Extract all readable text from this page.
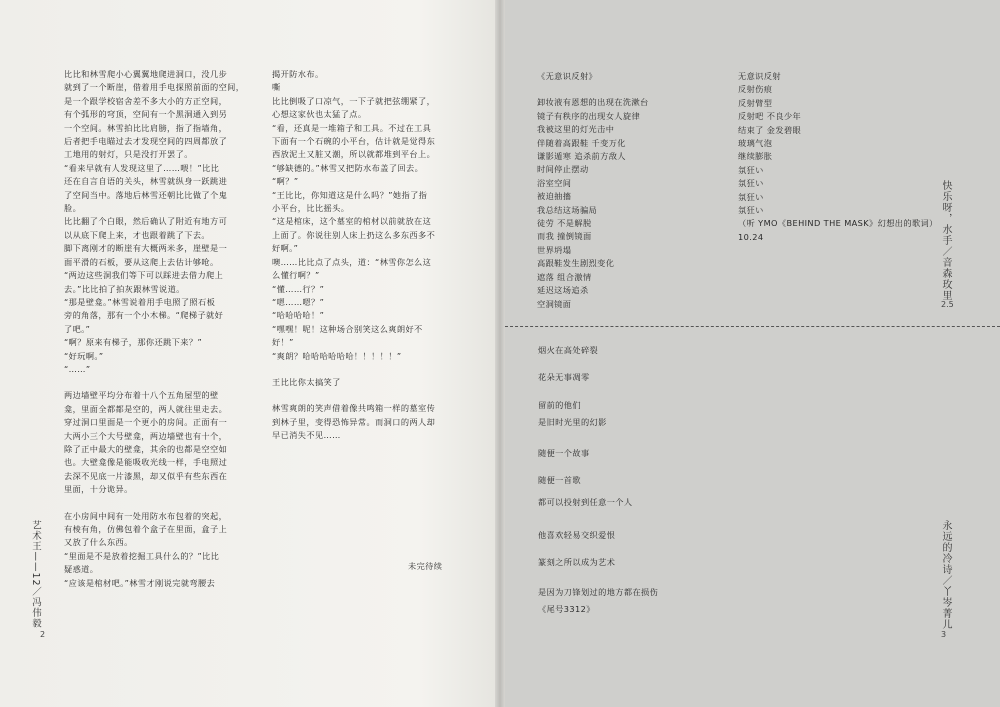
比比和林雪爬小心翼翼地爬进洞口，没几步

就到了一个断崖，借着用手电探照前面的空间，

是一个跟学校宿舍差不多大小的方正空间，

有个弧形的穹顶，空间有一个黑洞通入到另

一个空间。林雪拍比比肩膀，指了指墙角，

后者把手电瞄过去才发现空间的四周都放了

工地用的射灯，只是没打开罢了。

“看来早就有人发现这里了……喂！”比比

还在自言自语的关头，林雪就纵身一跃跳进

了空间当中。落地后林雪还朝比比做了个鬼

脸。

比比翻了个白眼，然后确认了附近有地方可

以从底下爬上来，才也跟着跳了下去。

脚下离刚才的断崖有大概两米多，崖壁是一

面平滑的石板，要从这爬上去估计够呛。

“两边这些洞我们等下可以踩进去借力爬上

去。”比比拍了拍灰跟林雪说道。

“那是壁龛。”林雪说着用手电照了照石板

旁的角落，那有一个小木梯。“爬梯子就好

了吧。”

“啊？原来有梯子，那你还跳下来？”

“好玩啊。”

“……”

两边墙壁平均分布着十八个五角屋型的壁

龛，里面全都都是空的，两人就往里走去。

穿过洞口里面是一个更小的房间。正面有一

大两小三个大号壁龛，两边墙壁也有十个，

除了正中最大的壁龛，其余的也都是空空如

也。大壁龛像是能吸收光线一样，手电照过

去深不见底一片漆黑，却又似乎有些东西在

里面，十分诡异。

在小房间中间有一处用防水布包着的突起，

有棱有角，仿佛包着个盒子在里面，盒子上

又放了什么东西。

“里面是不是放着挖掘工具什么的？”比比

疑惑道。

“应该是棺材吧。”林雪才刚说完就弯腰去

揭开防水布。

嘶

比比倒吸了口凉气，一下子就把弦绷紧了，

心想这家伙也太猛了点。

“看，还真是一堆箱子和工具。不过在工具

下面有一个石碗的小平台，估计就是觉得东

西放泥土又脏又潮，所以就都堆到平台上。

“够缺德的。”林雪又把防水布盖了回去。

“啊？”

“王比比，你知道这是什么吗？”她指了指

小平台，比比摇头。

“这是棺床，这个墓室的棺材以前就放在这

上面了。你说往别人床上扔这么多东西多不

好啊。”

噢……比比点了点头，道：“林雪你怎么这

么懂行啊？”

“懂……行？”

“嗯……嗯？”

“哈哈哈哈！”

“嘿嘿！呢！这种场合别笑这么爽朗好不

好！”

“爽朗？哈哈哈哈哈哈！！！！！”

王比比你太搞笑了

林雪爽朗的笑声借着像共鸣箱一样的墓室传

到林子里，变得恐怖异常。而洞口的两人却

早已消失不见……

未完待续

艺术王——12／冯伟毅
2

《无意识反射》

卸妆液有恩想的出现在洗漱台

镜子有秩序的出现女人旋律

我被这里的灯光击中

伴随着高跟鞋 千变万化

谦影遁寒 追杀前方敌人

时间停止摆动

浴室空间

被迫抽搐

我总结这场骗局

徒劳 不是解脱

而我 撞倒镜面

世界坍塌

高跟鞋发生剧烈变化

遮落 组合激情

延迟这场追杀

空洞镜面

无意识反射

反射伤痕

反射臂型

反射吧 不良少年

结束了 金发碧眼

玻璃气泡

继续膨胀

氛狂い

氛狂い

氛狂い

氛狂い

（听 YMO《BEHIND THE MASK》幻想出的歌词）

10.24	快乐呀，水手／音森玫里
2.5

烟火在高处碎裂

花朵无事凋零

留前的他们

是旧时光里的幻影

随便一个故事

随便一首歌

都可以投射到任意一个人

他喜欢轻易交织爱恨

篆刻之所以成为艺术

是因为刀锋划过的地方都在损伤

《尾号3312》	永远的冷诗／丫岑菁儿
3
